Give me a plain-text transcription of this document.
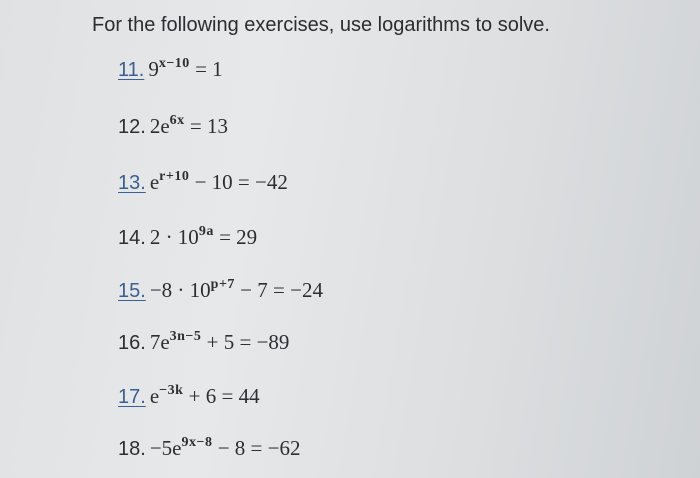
For the following exercises, use logarithms to solve.
11. $9^{x-10} = 1$
12. $2e^{6x} = 13$
13. $e^{r+10} - 10 = -42$
14. $2 \cdot 10^{9a} = 29$
15. $-8 \cdot 10^{p+7} - 7 = -24$
16. $7e^{3n-5} + 5 = -89$
17. $e^{-3k} + 6 = 44$
18. $-5e^{9x-8} - 8 = -62$
